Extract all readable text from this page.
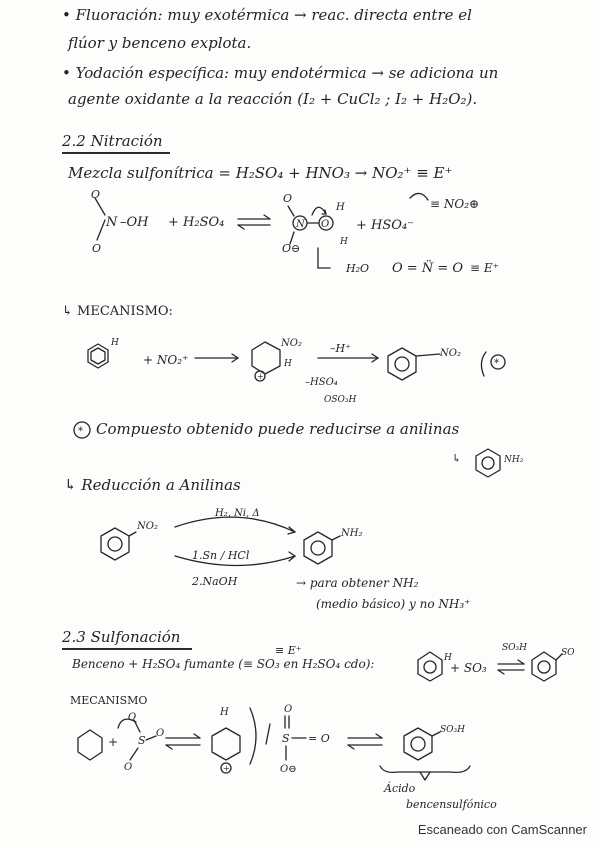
• Fluoración: muy exotérmica → reac. directa entre el
flúor y benceno explota.
• Yodación específica: muy endotérmica → se adiciona un
agente oxidante a la reacción (I₂ + CuCl₂ ; I₂ + H₂O₂).
2.2 Nitración
Mezcla sulfonítrica = H₂SO₄ + HNO₃ → NO₂⁺ ≡ E⁺
O
O
N –OH + H₂SO₄
O
N
O⊖
O
H
H
+ HSO₄⁻
≡ NO₂⊕
H₂O O = N̈ = O ≡ E⁺
H
+ NO₂⁺
NO₂
H
+
–H⁺
–HSO₄
OSO₃H
NO₂
*
*
↳	NH₂
NO₂
H₂, Ni, Δ
1.Sn / HCl
2.NaOH
NH₂
≡ E⁺
H
+ SO₃
SO₃H	SO
+ S
O
O
O
H
+
O
S = O
O⊖
SO₃H
↳ MECANISMO:
Compuesto obtenido puede reducirse a anilinas
↳ Reducción a Anilinas
→ para obtener NH₂
(medio básico) y no NH₃⁺
2.3 Sulfonación
Benceno + H₂SO₄ fumante (≡ SO₃ en H₂SO₄ cdo):
MECANISMO
Ácido
bencensulfónico
Escaneado con CamScanner
